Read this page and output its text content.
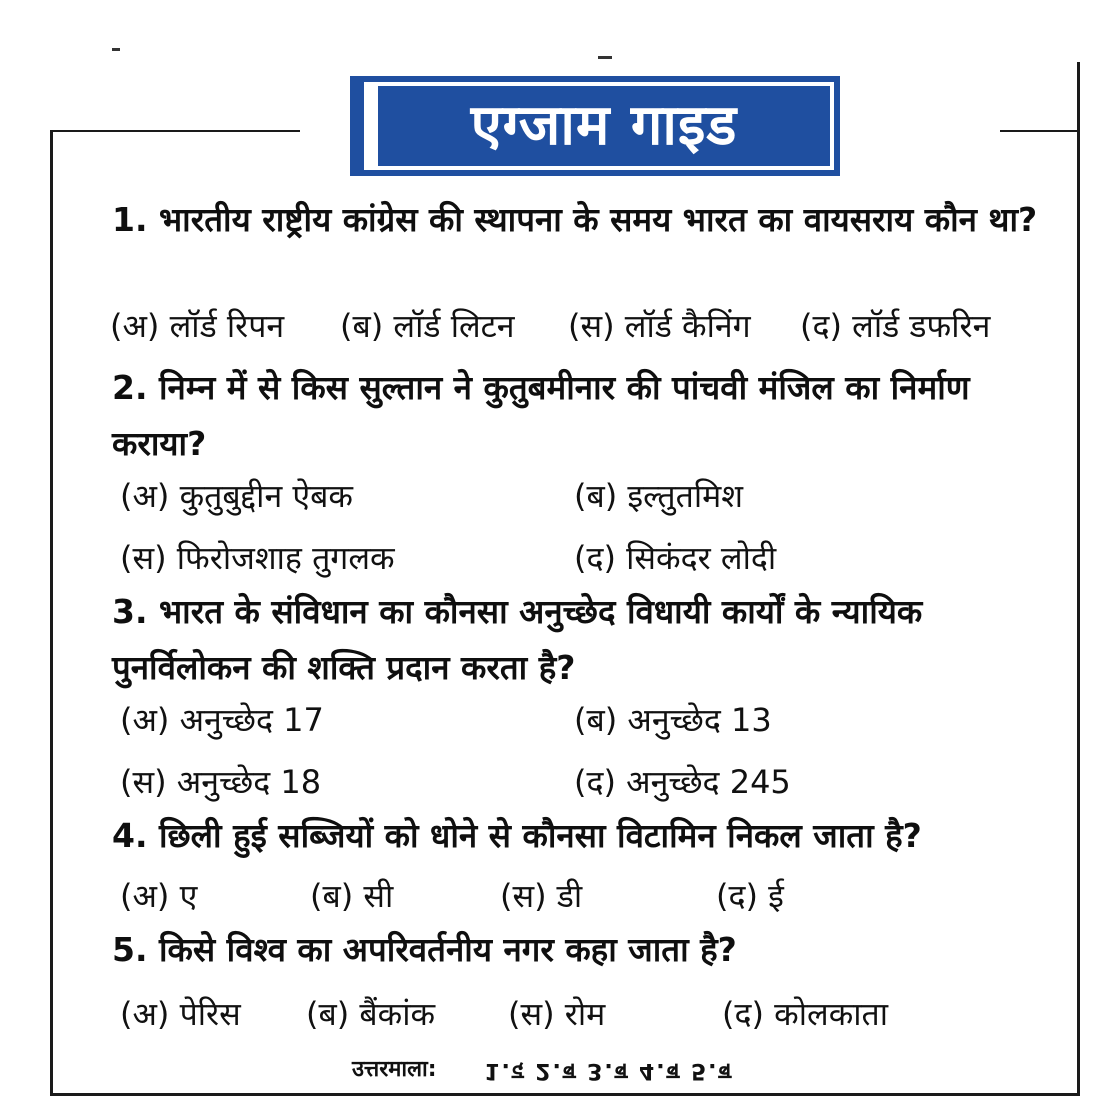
एग्जाम गाइड
1. भारतीय राष्ट्रीय कांग्रेस की स्थापना के समय भारत का वायसराय कौन था?
(अ) लॉर्ड रिपन (ब) लॉर्ड लिटन (स) लॉर्ड कैनिंग (द) लॉर्ड डफरिन
2. निम्न में से किस सुल्तान ने कुतुबमीनार की पांचवी मंजिल का निर्माण कराया?
(अ) कुतुबुद्दीन ऐबक	(ब) इल्तुतमिश
(स) फिरोजशाह तुगलक	(द) सिकंदर लोदी
3. भारत के संविधान का कौनसा अनुच्छेद विधायी कार्यों के न्यायिक पुनर्विलोकन की शक्ति प्रदान करता है?
(अ) अनुच्छेद 17	(ब) अनुच्छेद 13
(स) अनुच्छेद 18	(द) अनुच्छेद 245
4. छिली हुई सब्जियों को धोने से कौनसा विटामिन निकल जाता है?
(अ) ए	(ब) सी	(स) डी	(द) ई
5. किसे विश्व का अपरिवर्तनीय नगर कहा जाता है?
(अ) पेरिस (ब) बैंकांक (स) रोम	(द) कोलकाता
उत्तरमाला: 1.द 2.ब 3.ब 4.ब 5.ब
